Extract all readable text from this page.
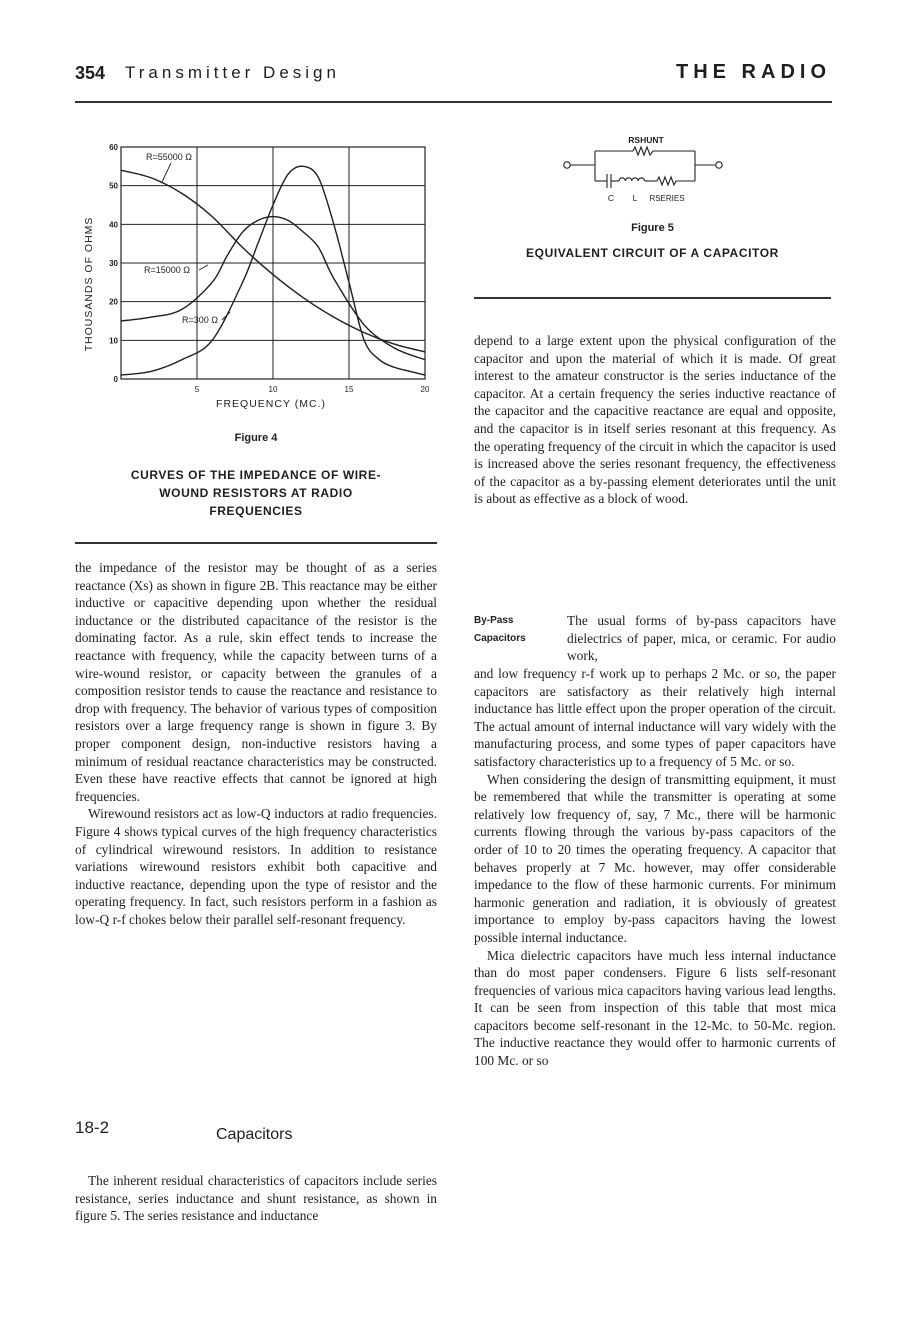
354 Transmitter Design	THE RADIO
5	10	15	20
0
10
20
30
40
50
60
THOUSANDS OF OHMS
FREQUENCY (MC.)
R=55000 Ω
R=15000 Ω
R=300 Ω
Figure 4
CURVES OF THE IMPEDANCE OF WIRE-
WOUND RESISTORS AT RADIO
FREQUENCIES
RSHUNT
C L RSERIES
Figure 5
EQUIVALENT CIRCUIT OF A CAPACITOR

the impedance of the resistor may be thought of as a series reactance (Xs) as shown in figure 2B. This reactance may be either inductive or capacitive depending upon whether the residual inductance or the distributed capacitance of the resistor is the dominating factor. As a rule, skin effect tends to increase the reactance with frequency, while the capacity between turns of a wire-wound resistor, or capacity between the granules of a composition resistor tends to cause the reactance and resistance to drop with frequency. The behavior of various types of composition resistors over a large frequency range is shown in figure 3. By proper component design, non-inductive resistors having a minimum of residual reactance characteristics may be constructed. Even these have reactive effects that cannot be ignored at high frequencies.

Wirewound resistors act as low-Q inductors at radio frequencies. Figure 4 shows typical curves of the high frequency characteristics of cylindrical wirewound resistors. In addition to resistance variations wirewound resistors exhibit both capacitive and inductive reactance, depending upon the type of resistor and the operating frequency. In fact, such resistors perform in a fashion as low-Q r-f chokes below their parallel self-resonant frequency.

18-2	Capacitors

The inherent residual characteristics of capacitors include series resistance, series inductance and shunt resistance, as shown in figure 5. The series resistance and inductance

depend to a large extent upon the physical configuration of the capacitor and upon the material of which it is made. Of great interest to the amateur constructor is the series inductance of the capacitor. At a certain frequency the series inductive reactance of the capacitor and the capacitive reactance are equal and opposite, and the capacitor is in itself series resonant at this frequency. As the operating frequency of the circuit in which the capacitor is used is increased above the series resonant frequency, the effectiveness of the capacitor as a by-passing element deteriorates until the unit is about as effective as a block of wood.

By-Pass
Capacitors
The usual forms of by-pass capacitors have dielectrics of paper, mica, or ceramic. For audio work,

and low frequency r-f work up to perhaps 2 Mc. or so, the paper capacitors are satisfactory as their relatively high internal inductance has little effect upon the proper operation of the circuit. The actual amount of internal inductance will vary widely with the manufacturing process, and some types of paper capacitors have satisfactory characteristics up to a frequency of 5 Mc. or so.

When considering the design of transmitting equipment, it must be remembered that while the transmitter is operating at some relatively low frequency of, say, 7 Mc., there will be harmonic currents flowing through the various by-pass capacitors of the order of 10 to 20 times the operating frequency. A capacitor that behaves properly at 7 Mc. however, may offer considerable impedance to the flow of these harmonic currents. For minimum harmonic generation and radiation, it is obviously of greatest importance to employ by-pass capacitors having the lowest possible internal inductance.

Mica dielectric capacitors have much less internal inductance than do most paper condensers. Figure 6 lists self-resonant frequencies of various mica capacitors having various lead lengths. It can be seen from inspection of this table that most mica capacitors become self-resonant in the 12-Mc. to 50-Mc. region. The inductive reactance they would offer to harmonic currents of 100 Mc. or so
